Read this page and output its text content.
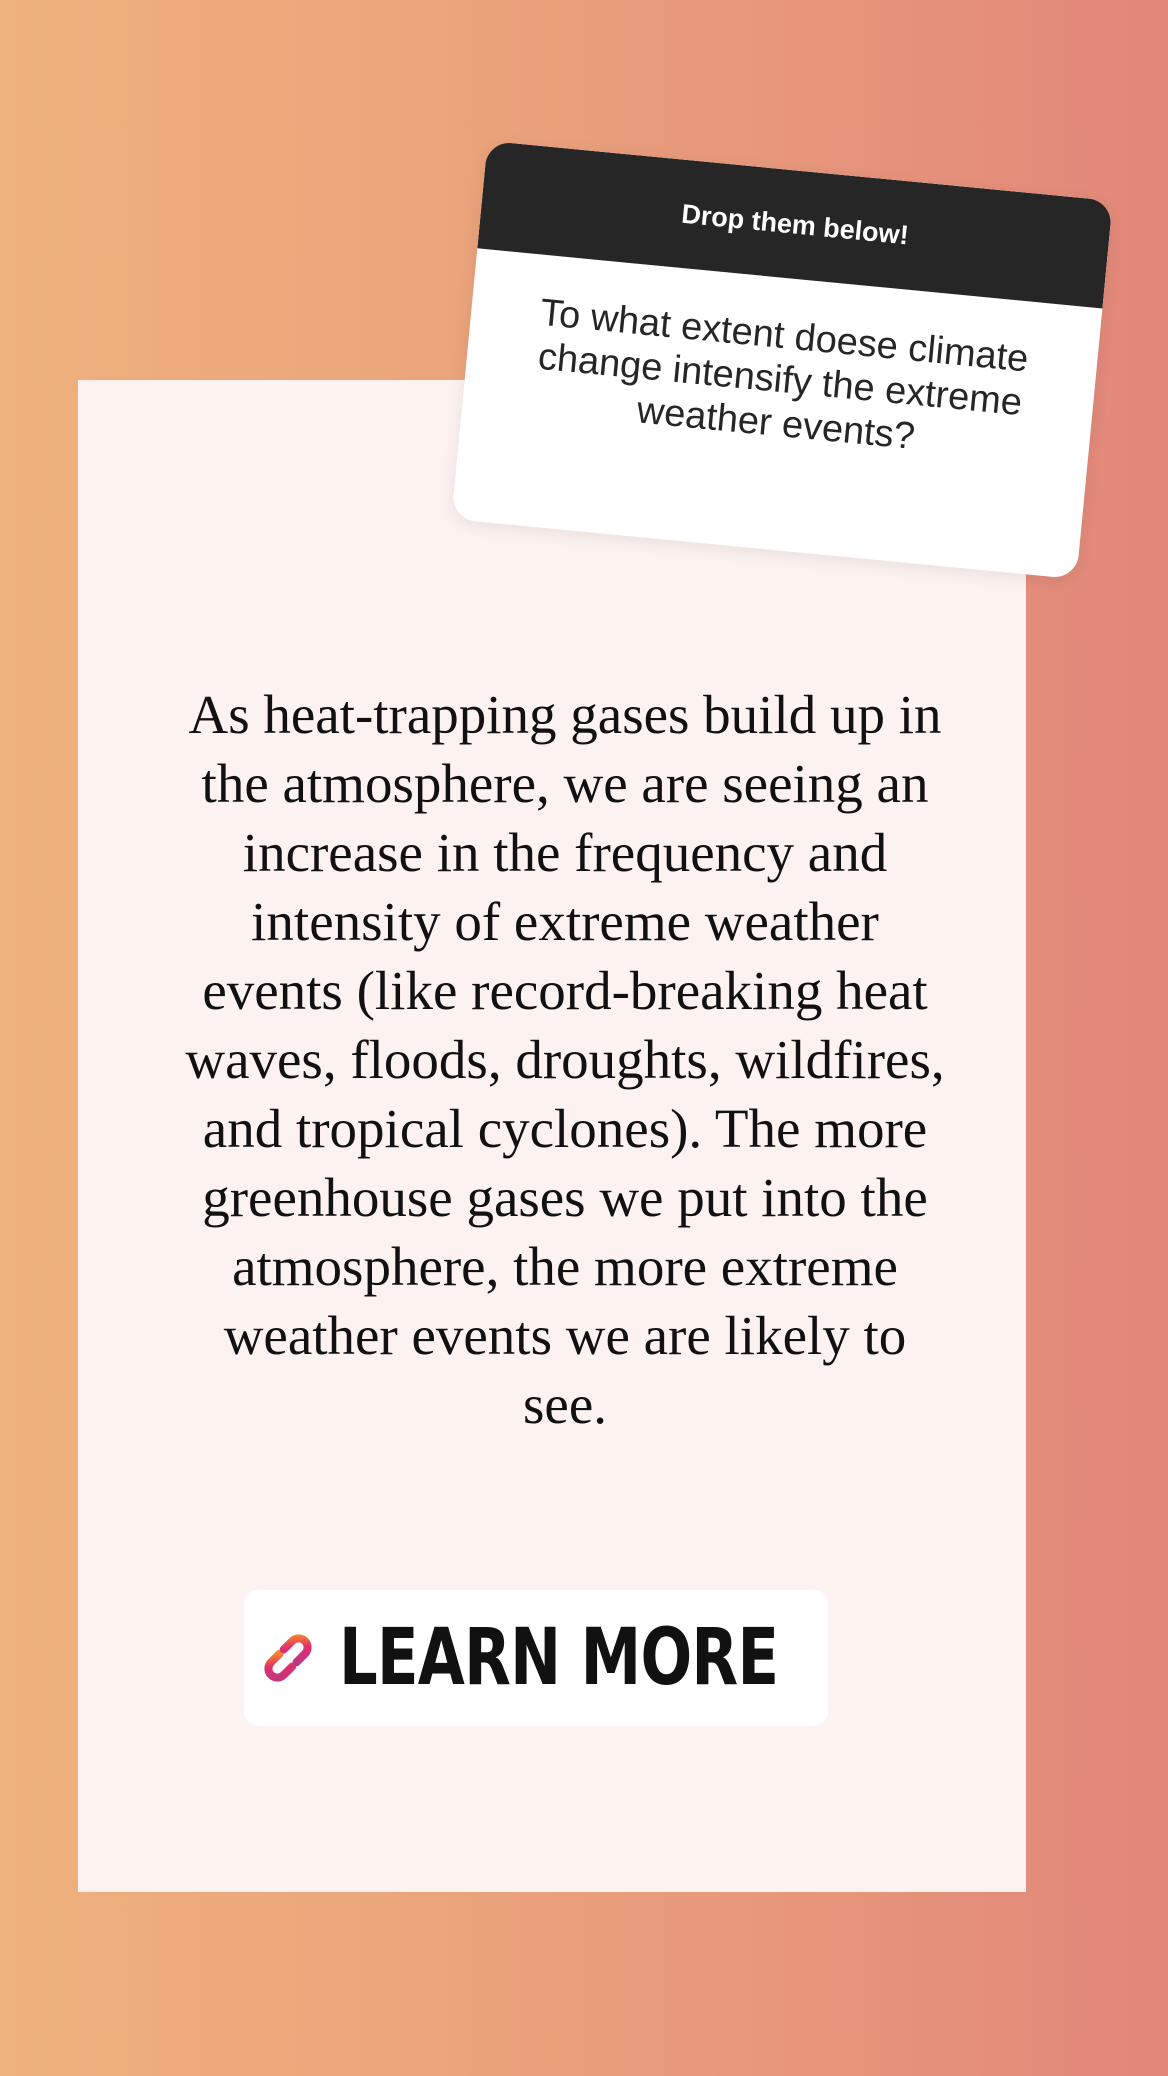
As heat-trapping gases build up in the atmosphere, we are seeing an increase in the frequency and intensity of extreme weather events (like record-breaking heat waves, floods, droughts, wildfires, and tropical cyclones). The more greenhouse gases we put into the atmosphere, the more extreme weather events we are likely to see.

Drop them below!
To what extent doese climate change intensify the extreme weather events?
LEARN MORE
